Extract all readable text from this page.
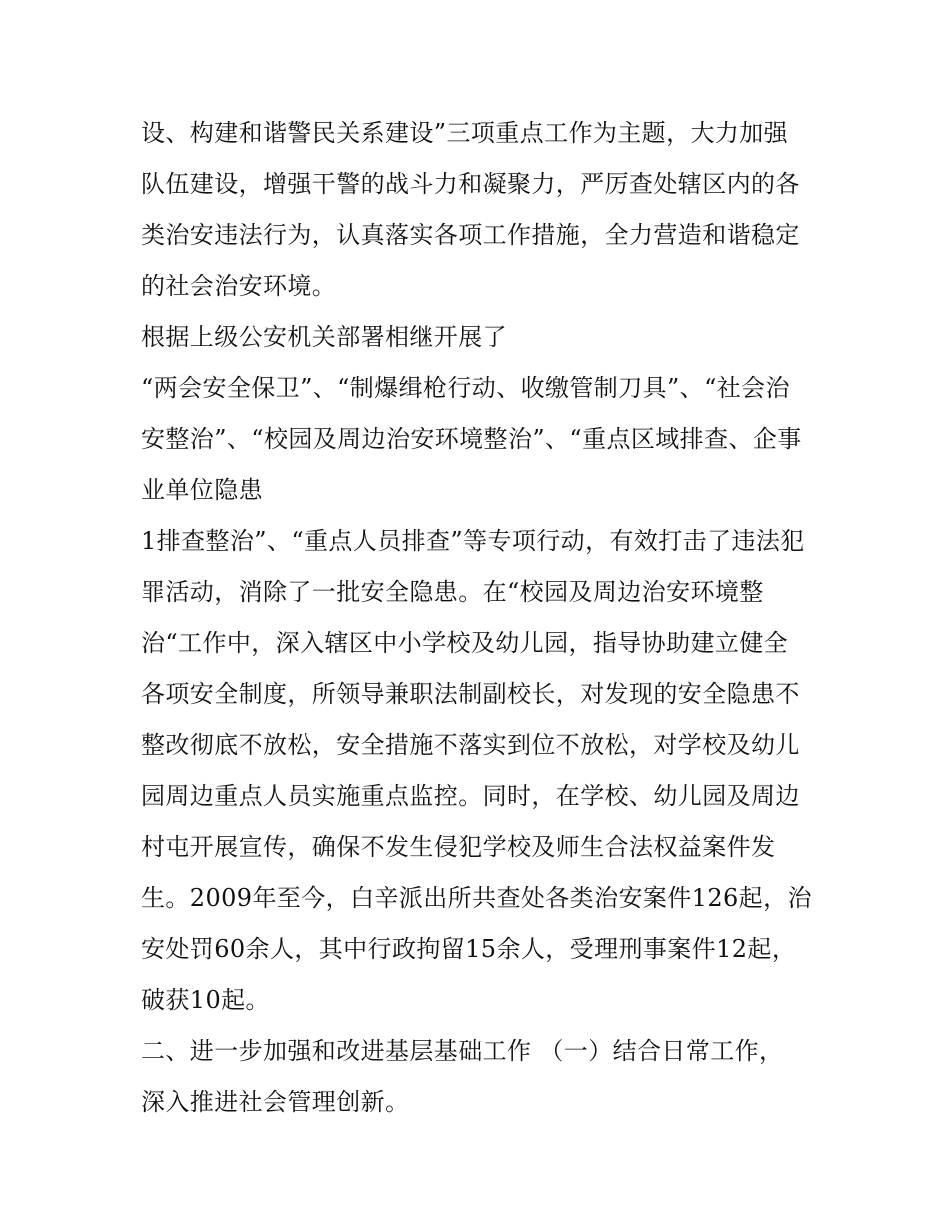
设、构建和谐警民关系建设”三项重点工作为主题，大力加强
队伍建设，增强干警的战斗力和凝聚力，严厉查处辖区内的各
类治安违法行为，认真落实各项工作措施，全力营造和谐稳定
的社会治安环境。
根据上级公安机关部署相继开展了
“两会安全保卫”、“制爆缉枪行动、收缴管制刀具”、“社会治
安整治”、“校园及周边治安环境整治”、“重点区域排查、企事
业单位隐患
1排查整治”、“重点人员排查”等专项行动，有效打击了违法犯
罪活动，消除了一批安全隐患。在“校园及周边治安环境整
治“工作中，深入辖区中小学校及幼儿园，指导协助建立健全
各项安全制度，所领导兼职法制副校长，对发现的安全隐患不
整改彻底不放松，安全措施不落实到位不放松，对学校及幼儿
园周边重点人员实施重点监控。同时，在学校、幼儿园及周边
村屯开展宣传，确保不发生侵犯学校及师生合法权益案件发
生。2009年至今，白辛派出所共查处各类治安案件126起，治
安处罚60余人，其中行政拘留15余人，受理刑事案件12起，
破获10起。
二、进一步加强和改进基层基础工作 （一）结合日常工作，
深入推进社会管理创新。
